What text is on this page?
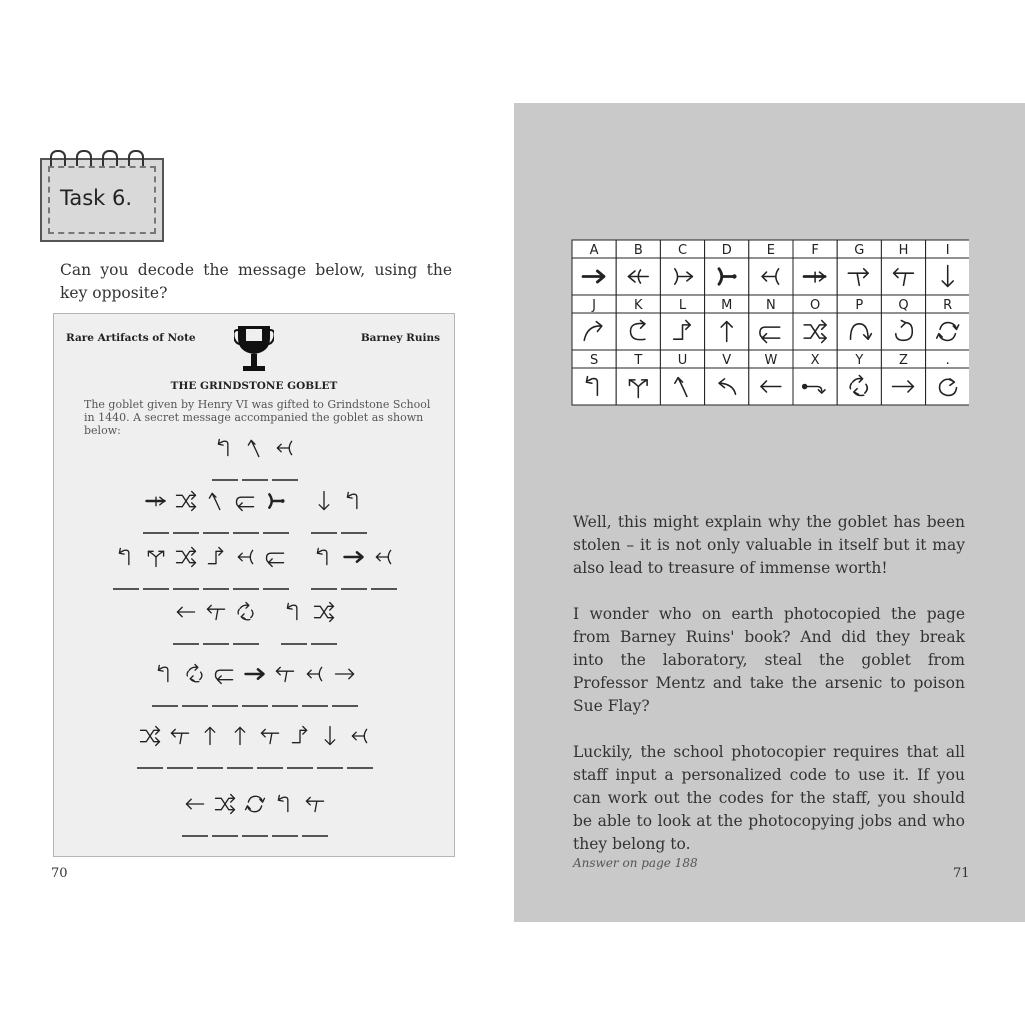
Task 6.
Can you decode the message below, using the key opposite?
Rare Artifacts of Note	Barney Ruins
THE GRINDSTONE GOBLET
The goblet given by Henry VI was gifted to Grindstone School in 1440. A secret message accompanied the goblet as shown below:
70
A	B	C	D	E	F	G	H	I
J	K	L	M	N	O	P	Q	R
S	T	U	V	W	X	Y	Z	.

Well, this might explain why the goblet has been stolen – it is not only valuable in itself but it may also lead to treasure of immense worth!

I wonder who on earth photocopied the page from Barney Ruins' book? And did they break into the laboratory, steal the goblet from Professor Mentz and take the arsenic to poison Sue Flay?

Luckily, the school photocopier requires that all staff input a personalized code to use it. If you can work out the codes for the staff, you should be able to look at the photocopying jobs and who they belong to.

Answer on page 188
71
